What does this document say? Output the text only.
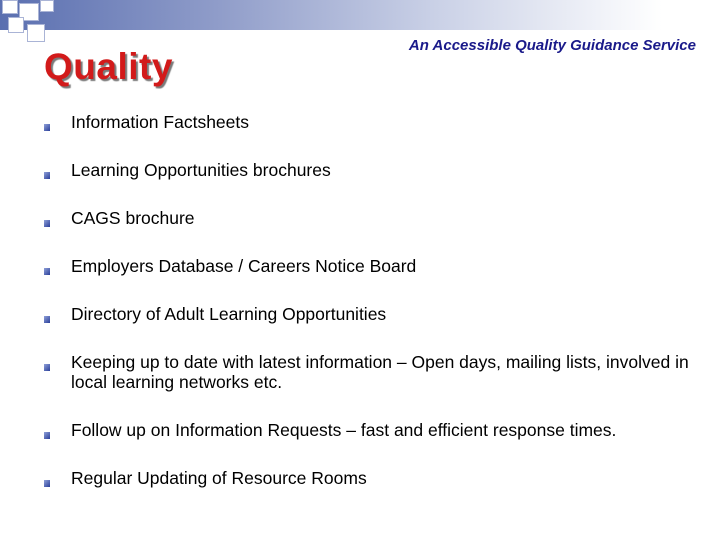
Quality
An Accessible Quality Guidance Service
Information Factsheets
Learning Opportunities brochures
CAGS brochure
Employers Database / Careers Notice Board
Directory of Adult Learning Opportunities
Keeping up to date with latest information – Open days, mailing lists, involved in local learning networks etc.
Follow up on Information Requests – fast and efficient response times.
Regular Updating of Resource Rooms
